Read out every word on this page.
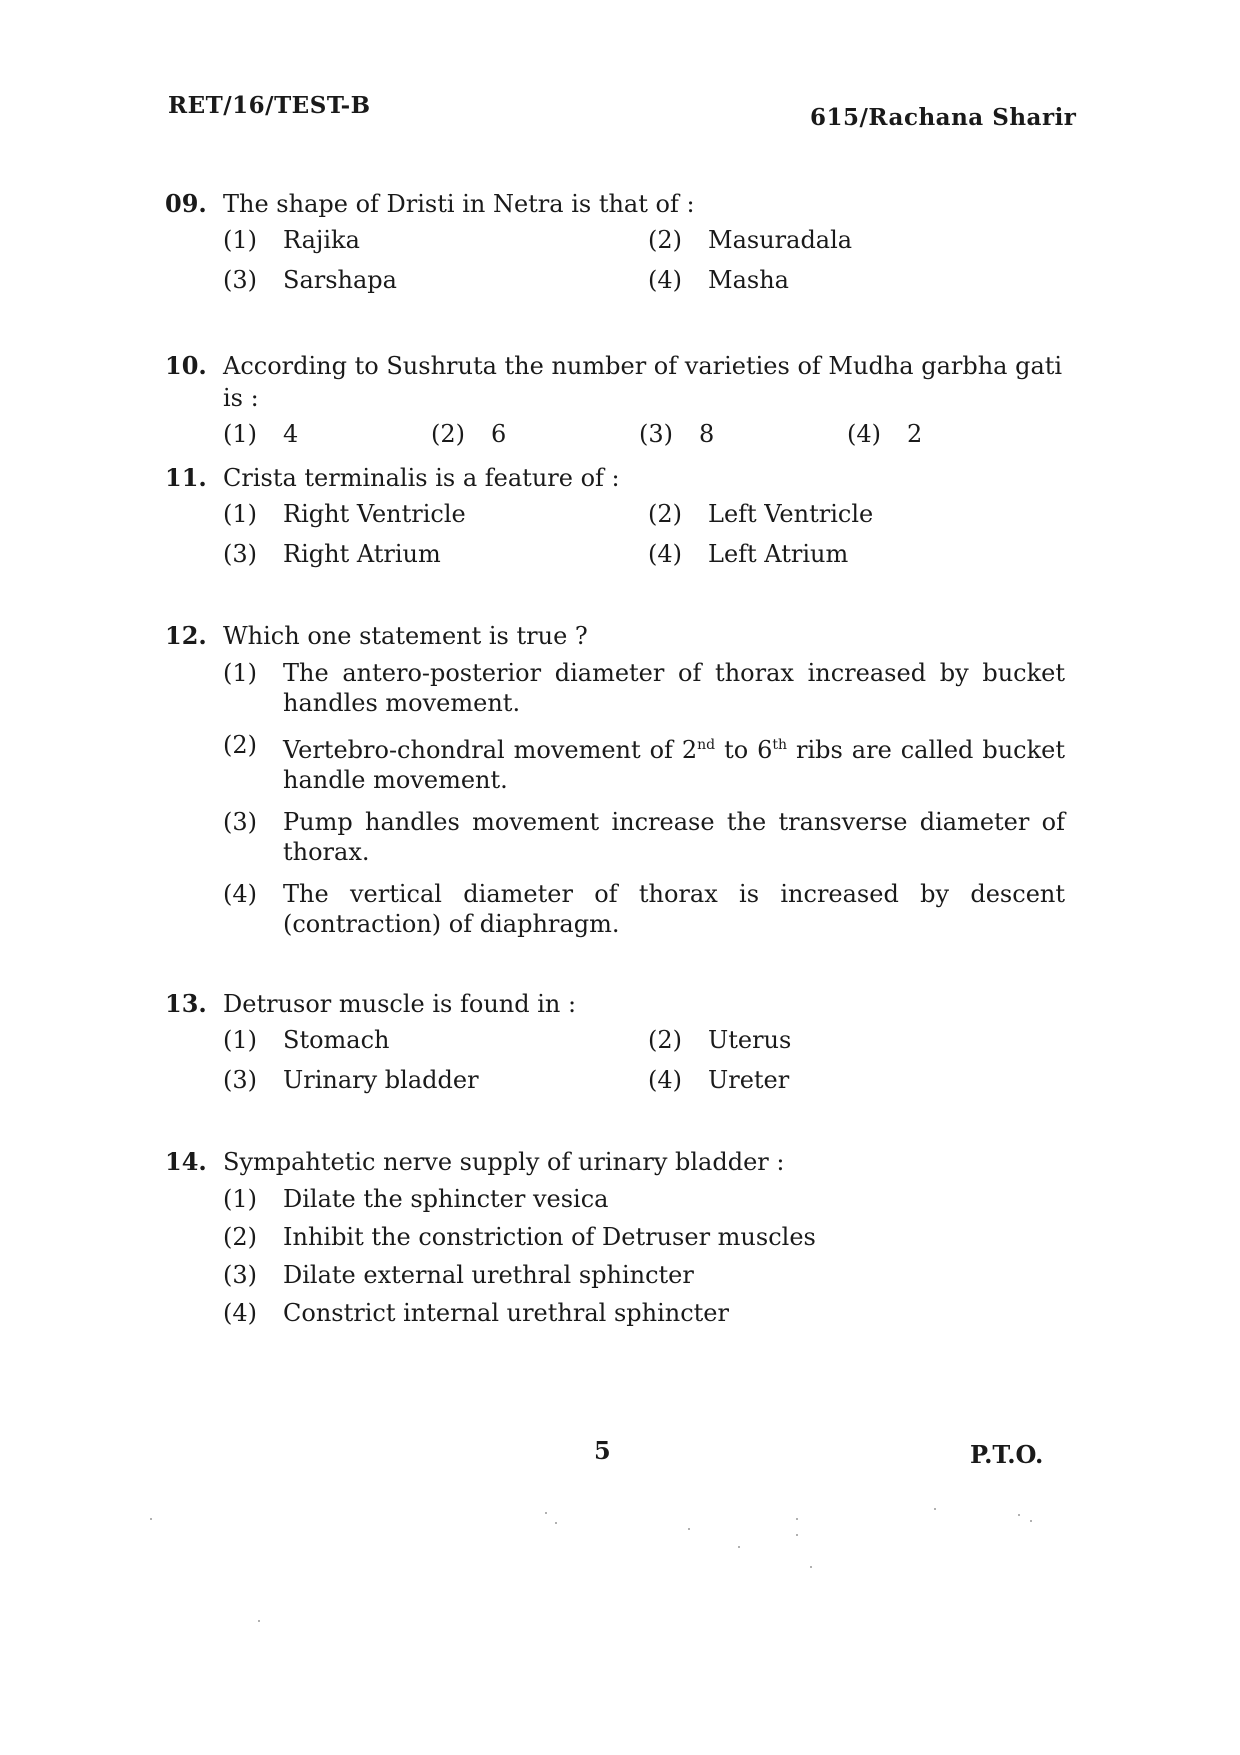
RET/16/TEST-B	615/Rachana Sharir
09. The shape of Dristi in Netra is that of :
(1)	Rajika	(2)	Masuradala
(3)	Sarshapa	(4)	Masha
10. According to Sushruta the number of varieties of Mudha garbha gati is :
(1)	4	(2)	6	(3)	8	(4)	2
11. Crista terminalis is a feature of :
(1)	Right Ventricle	(2)	Left Ventricle
(3)	Right Atrium	(4)	Left Atrium
12. Which one statement is true ?
(1)	The antero-posterior diameter of thorax increased by bucket handles movement.
(2)	Vertebro-chondral movement of 2nd to 6th ribs are called bucket handle movement.
(3)	Pump handles movement increase the transverse diameter of thorax.
(4)	The vertical diameter of thorax is increased by descent (contraction) of diaphragm.
13. Detrusor muscle is found in :
(1)	Stomach	(2)	Uterus
(3)	Urinary bladder	(4)	Ureter
14. Sympahtetic nerve supply of urinary bladder :
(1)	Dilate the sphincter vesica
(2)	Inhibit the constriction of Detruser muscles
(3)	Dilate external urethral sphincter
(4)	Constrict internal urethral sphincter
5	P.T.O.
